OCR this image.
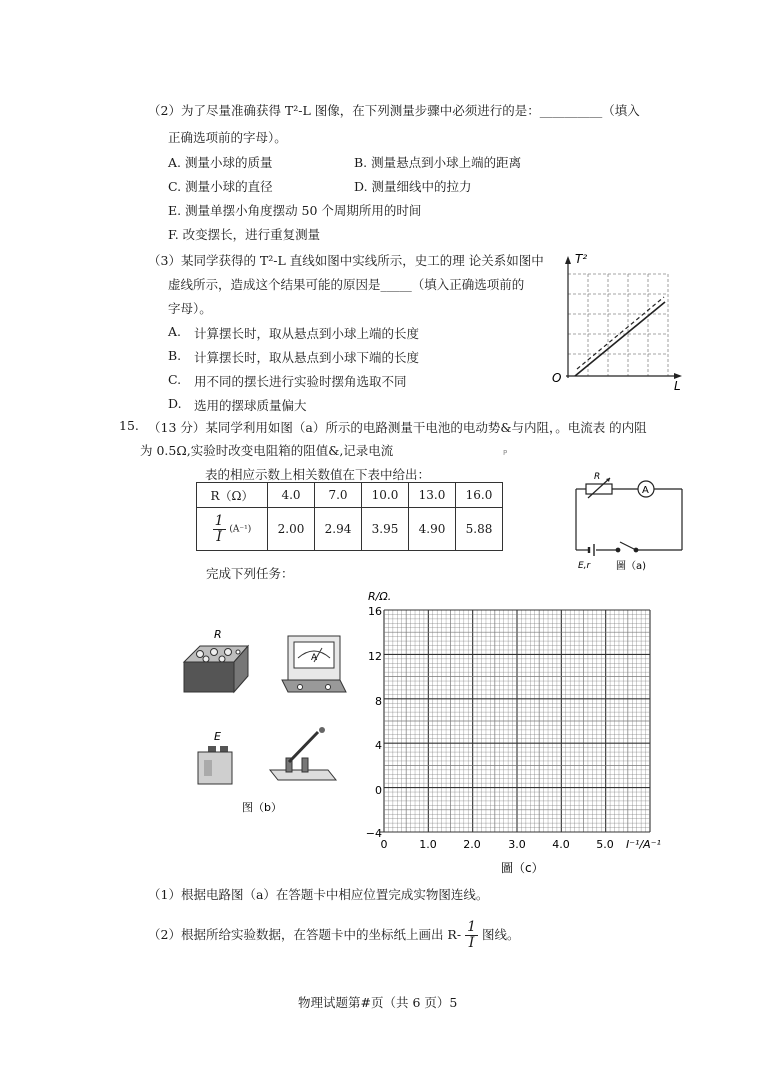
（2）为了尽量准确获得 T²-L 图像，在下列测量步骤中必须进行的是：__________（填入
正确选项前的字母）。
A. 测量小球的质量	B. 测量悬点到小球上端的距离
C. 测量小球的直径	D. 测量细线中的拉力
E. 测量单摆小角度摆动 50 个周期所用的时间
F. 改变摆长，进行重复测量
（3）某同学获得的 T²-L 直线如图中实线所示，史工的理 论关系如图中
虚线所示，造成这个结果可能的原因是_____（填入正确选项前的
字母）。
A. 计算摆长时，取从悬点到小球上端的长度
B. 计算摆长时，取从悬点到小球下端的长度
C. 用不同的摆长进行实验时摆角选取不同
D. 选用的摆球质量偏大
T²
L
O
15. （13 分）某同学利用如图（a）所示的电路测量干电池的电动势&与内阻，。电流表 的内阻
为 0.5Ω,实验时改变电阻箱的阻值&,记录电流	P
表的相应示数上相关数值在下表中给出：
R（Ω）	4.0	7.0	10.0	13.0	16.0

$\frac{1}{I} (A^{-1})$	2.00	2.94	3.95	4.90	5.88
R
A
E,r	圖（a)
完成下列任务：
R
A
E
图（b）
R/Ω.
16
12
8
4
0
−4
0	1.0 2.0	3.0 4.0 5.0 I⁻¹/A⁻¹
圖（c）
（1）根据电路图（a）在答题卡中相应位置完成实物图连线。
（2）根据所给实验数据，在答题卡中的坐标纸上画出 $R- \frac{1}{I}$ 图线。
物理试题第#页（共 6 页）5
